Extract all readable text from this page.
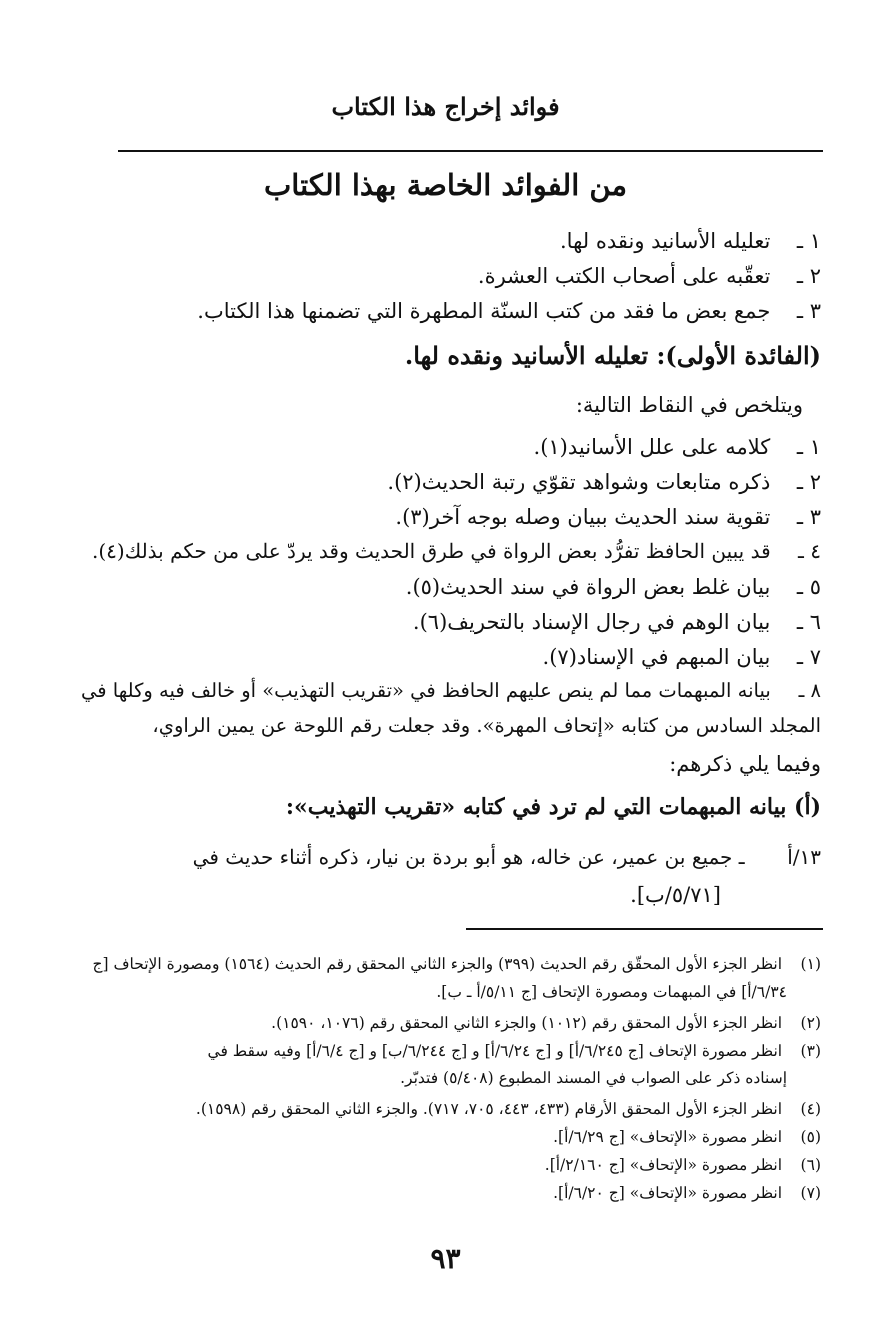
فوائد إخراج هذا الكتاب
من الفوائد الخاصة بهذا الكتاب
١ ـ تعليله الأسانيد ونقده لها.
٢ ـ تعقّبه على أصحاب الكتب العشرة.
٣ ـ جمع بعض ما فقد من كتب السنّة المطهرة التي تضمنها هذا الكتاب.
(الفائدة الأولى): تعليله الأسانيد ونقده لها.
ويتلخص في النقاط التالية:
١ ـ كلامه على علل الأسانيد(١).
٢ ـ ذكره متابعات وشواهد تقوّي رتبة الحديث(٢).
٣ ـ تقوية سند الحديث ببيان وصله بوجه آخر(٣).
٤ ـ قد يبين الحافظ تفرُّد بعض الرواة في طرق الحديث وقد يردّ على من حكم بذلك(٤).
٥ ـ بيان غلط بعض الرواة في سند الحديث(٥).
٦ ـ بيان الوهم في رجال الإسناد بالتحريف(٦).
٧ ـ بيان المبهم في الإسناد(٧).
٨ ـ بيانه المبهمات مما لم ينص عليهم الحافظ في «تقريب التهذيب» أو خالف فيه وكلها في
المجلد السادس من كتابه «إتحاف المهرة». وقد جعلت رقم اللوحة عن يمين الراوي،
وفيما يلي ذكرهم:
(أ) بيانه المبهمات التي لم ترد في كتابه «تقريب التهذيب»:
١٣/أ ـ جميع بن عمير، عن خاله، هو أبو بردة بن نيار، ذكره أثناء حديث في
[٥/٧١/ب].
(١) انظر الجزء الأول المحقّق رقم الحديث (٣٩٩) والجزء الثاني المحقق رقم الحديث (١٥٦٤) ومصورة الإتحاف [ج
٦/٣٤/أ] في المبهمات ومصورة الإتحاف [ج ٥/١١/أ ـ ب].
(٢) انظر الجزء الأول المحقق رقم (١٠١٢) والجزء الثاني المحقق رقم (١٠٧٦، ١٥٩٠).
(٣) انظر مصورة الإتحاف [ج ٦/٢٤٥/أ] و [ج ٦/٢٤/أ] و [ج ٦/٢٤٤/ب] و [ج ٦/٤/أ] وفيه سقط في
إسناده ذكر على الصواب في المسند المطبوع (٥/٤٠٨) فتدبّر.
(٤) انظر الجزء الأول المحقق الأرقام (٤٣٣، ٤٤٣، ٧٠٥، ٧١٧). والجزء الثاني المحقق رقم (١٥٩٨).
(٥) انظر مصورة «الإتحاف» [ج ٦/٢٩/أ].
(٦) انظر مصورة «الإتحاف» [ج ٢/١٦٠/أ].
(٧) انظر مصورة «الإتحاف» [ج ٦/٢٠/أ].
٩٣
